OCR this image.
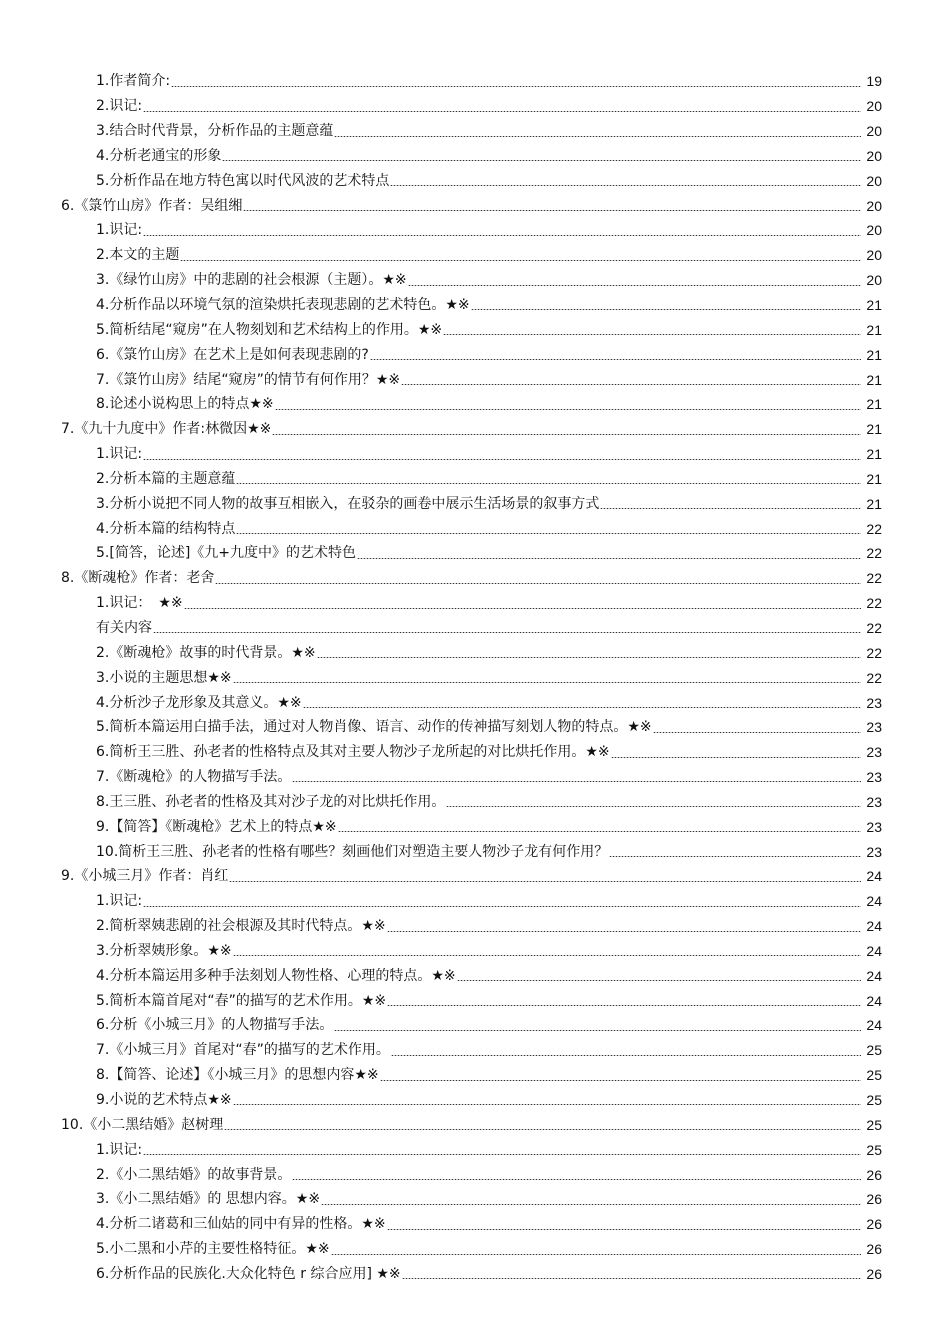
1.作者简介:	19
2.识记:	20
3.结合时代背景，分析作品的主题意蕴	20
4.分析老通宝的形象	20
5.分析作品在地方特色寓以时代风波的艺术特点	20
6.《箓竹山房》作者：吴组缃	20
1.识记:	20
2.本文的主题	20
3.《绿竹山房》中的悲剧的社会根源（主题）。★※	20
4.分析作品以环境气氛的渲染烘托表现悲剧的艺术特色。★※	21
5.简析结尾“窥房”在人物刻划和艺术结构上的作用。★※	21
6.《箓竹山房》在艺术上是如何表现悲剧的?	21
7.《箓竹山房》结尾“窥房”的情节有何作用？★※	21
8.论述小说构思上的特点★※	21
7.《九十九度中》作者:林微因★※	21
1.识记:	21
2.分析本篇的主题意蕴	21
3.分析小说把不同人物的故事互相嵌入，在驳杂的画卷中展示生活场景的叙事方式	21
4.分析本篇的结构特点	22
5.[简答，论述]《九+九度中》的艺术特色	22
8.《断魂枪》作者：老舍	22
1.识记：　★※	22
有关内容	22
2.《断魂枪》故事的时代背景。★※	22
3.小说的主题思想★※	22
4.分析沙子龙形象及其意义。★※	23
5.简析本篇运用白描手法，通过对人物肖像、语言、动作的传神描写刻划人物的特点。★※	23
6.简析王三胜、孙老者的性格特点及其对主要人物沙子龙所起的对比烘托作用。★※	23
7.《断魂枪》的人物描写手法。	23
8.王三胜、孙老者的性格及其对沙子龙的对比烘托作用。	23
9.【简答】《断魂枪》艺术上的特点★※	23
10.简析王三胜、孙老者的性格有哪些？刻画他们对塑造主要人物沙子龙有何作用？	23
9.《小城三月》作者：肖红	24
1.识记:	24
2.简析翠姨悲剧的社会根源及其时代特点。★※	24
3.分析翠姨形象。★※	24
4.分析本篇运用多种手法刻划人物性格、心理的特点。★※	24
5.简析本篇首尾对“春”的描写的艺术作用。★※	24
6.分析《小城三月》的人物描写手法。	24
7.《小城三月》首尾对“春”的描写的艺术作用。	25
8.【简答、论述】《小城三月》的思想内容★※	25
9.小说的艺术特点★※	25
10.《小二黑结婚》赵树理	25
1.识记:	25
2.《小二黑结婚》的故事背景。	26
3.《小二黑结婚》的 思想内容。★※	26
4.分析二诸葛和三仙姑的同中有异的性格。★※	26
5.小二黑和小芹的主要性格特征。★※	26
6.分析作品的民族化.大众化特色 r 综合应用] ★※	26
